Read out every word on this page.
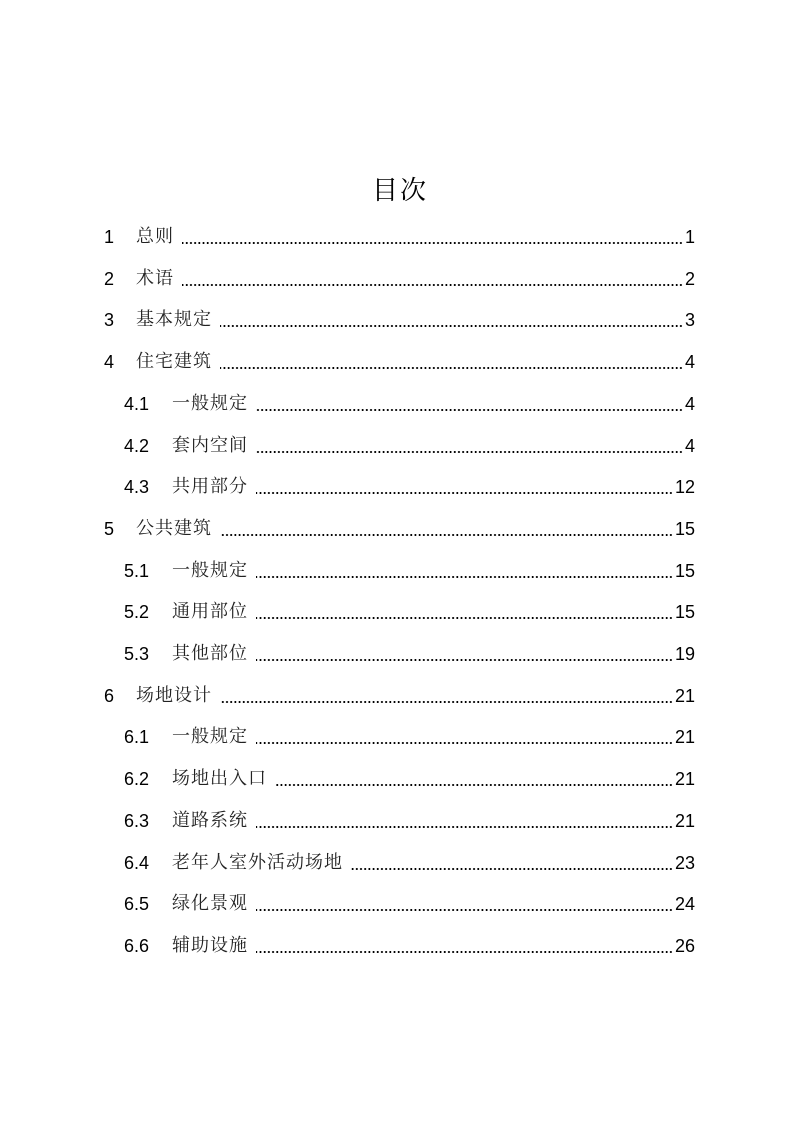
目次
1	总则	1
2	术语	2
3	基本规定	3
4	住宅建筑	4
4.1	一般规定	4
4.2	套内空间	4
4.3	共用部分	12
5	公共建筑	15
5.1	一般规定	15
5.2	通用部位	15
5.3	其他部位	19
6	场地设计	21
6.1	一般规定	21
6.2	场地出入口	21
6.3	道路系统	21
6.4	老年人室外活动场地	23
6.5	绿化景观	24
6.6	辅助设施	26
